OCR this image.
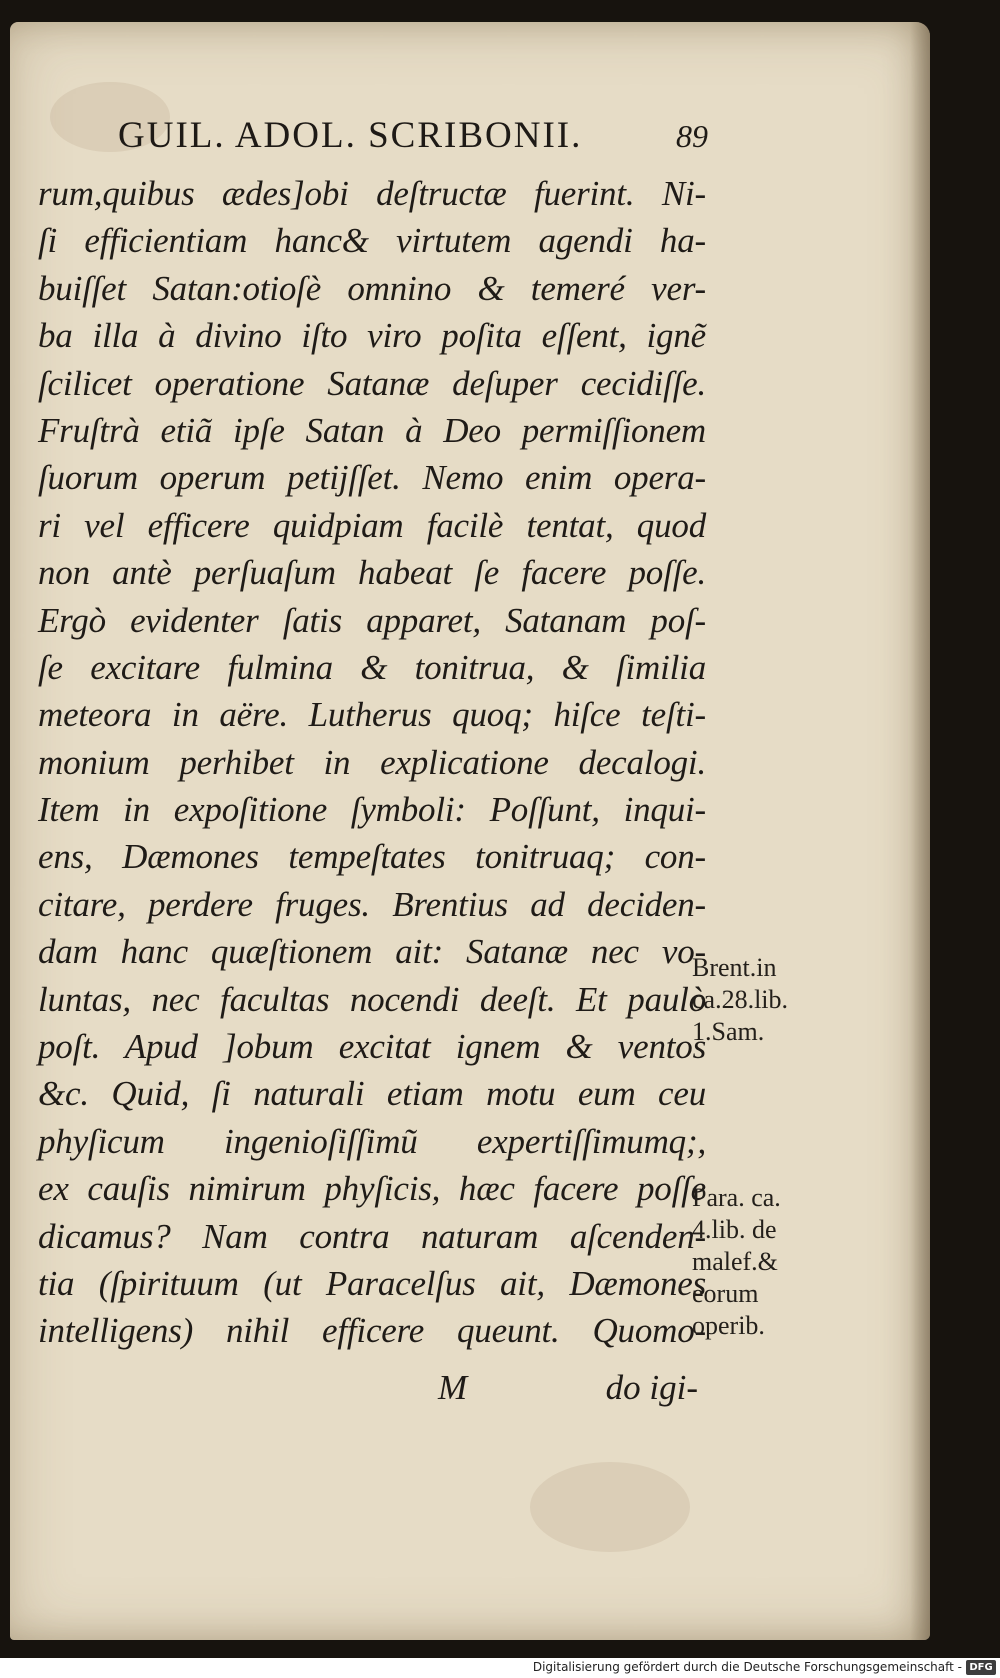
GUIL. ADOL. SCRIBONII.	89
rum,quibus ædes]obi deſtructæ fuerint. Ni-
ſi efficientiam hanc& virtutem agendi ha-
buiſſet Satan:otioſè omnino & temeré ver-
ba illa à divino iſto viro poſita eſſent, ignẽ
ſcilicet operatione Satanæ deſuper cecidiſſe.
Fruſtrà etiã ipſe Satan à Deo permiſſionem
ſuorum operum petijſſet. Nemo enim opera-
ri vel efficere quidpiam facilè tentat, quod
non antè perſuaſum habeat ſe facere poſſe.
Ergò evidenter ſatis apparet, Satanam poſ-
ſe excitare fulmina & tonitrua, & ſimilia
meteora in aëre. Lutherus quoq; hiſce teſti-
monium perhibet in explicatione decalogi.
Item in expoſitione ſymboli: Poſſunt, inqui-
ens, Dæmones tempeſtates tonitruaq; con-
citare, perdere fruges. Brentius ad deciden-
dam hanc quæſtionem ait: Satanæ nec vo-
luntas, nec facultas nocendi deeſt. Et paulò
poſt. Apud ]obum excitat ignem & ventos
&c. Quid, ſi naturali etiam motu eum ceu
phyſicum ingenioſiſſimũ expertiſſimumq;,
ex cauſis nimirum phyſicis, hæc facere poſſe
dicamus? Nam contra naturam aſcenden-
tia (ſpirituum (ut Paracelſus ait, Dæmones
intelligens) nihil efficere queunt. Quomo-
M	do igi-
Brent.in
ca.28.lib.
1.Sam.
Para. ca.
4.lib. de
malef.&
eorum
operib.
Digitalisierung gefördert durch die Deutsche Forschungsgemeinschaft - DFG
